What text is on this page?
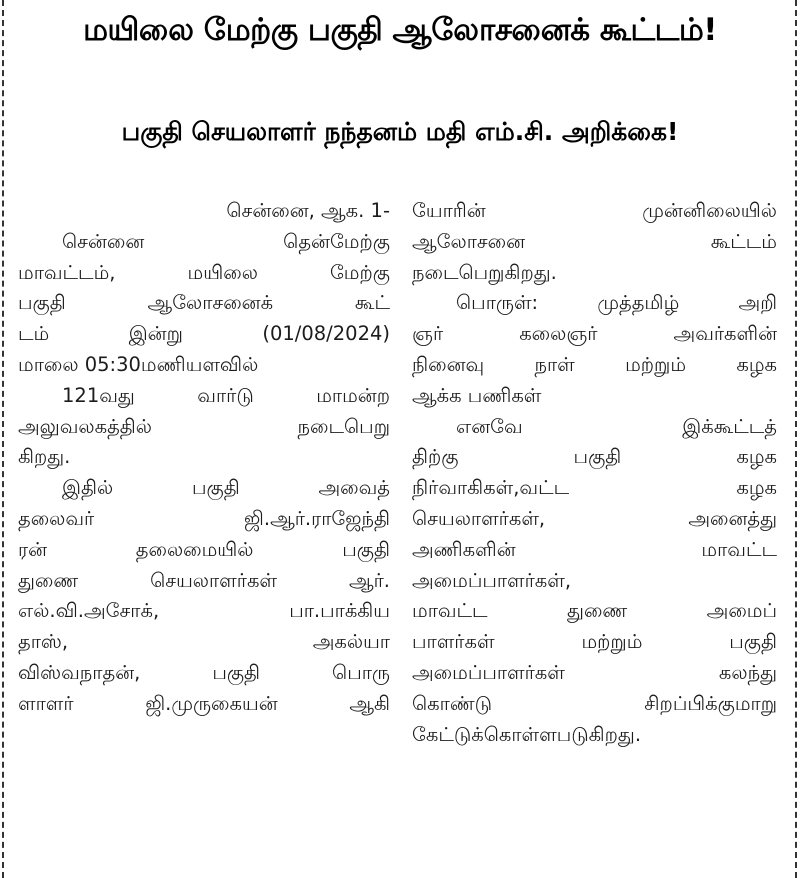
மயிலை மேற்கு பகுதி ஆலோசனைக் கூட்டம்!
பகுதி செயலாளர் நந்தனம் மதி எம்.சி. அறிக்கை!
சென்னை, ஆக. 1-
சென்னை தென்மேற்கு
மாவட்டம், மயிலை மேற்கு
பகுதி ஆலோசனைக் கூட்
டம் இன்று (01/08/2024)
மாலை 05:30மணியளவில்
121வது வார்டு மாமன்ற
அலுவலகத்தில் நடைபெறு
கிறது.
இதில் பகுதி அவைத்
தலைவர் ஜி.ஆர்.ராஜேந்தி
ரன் தலைமையில் பகுதி
துணை செயலாளர்கள் ஆர்.
எல்.வி.அசோக், பா.பாக்கிய
தாஸ், அகல்யா
விஸ்வநாதன், பகுதி பொரு
ளாளர் ஜி.முருகையன் ஆகி
யோரின் முன்னிலையில்
ஆலோசனை கூட்டம்
நடைபெறுகிறது.
பொருள்: முத்தமிழ் அறி
ஞர் கலைஞர் அவர்களின்
நினைவு நாள் மற்றும் கழக
ஆக்க பணிகள்
எனவே இக்கூட்டத்
திற்கு பகுதி கழக
நிர்வாகிகள்,வட்ட கழக
செயலாளர்கள், அனைத்து
அணிகளின் மாவட்ட
அமைப்பாளர்கள்,
மாவட்ட துணை அமைப்
பாளர்கள் மற்றும் பகுதி
அமைப்பாளர்கள் கலந்து
கொண்டு சிறப்பிக்குமாறு
கேட்டுக்கொள்ளபடுகிறது.
